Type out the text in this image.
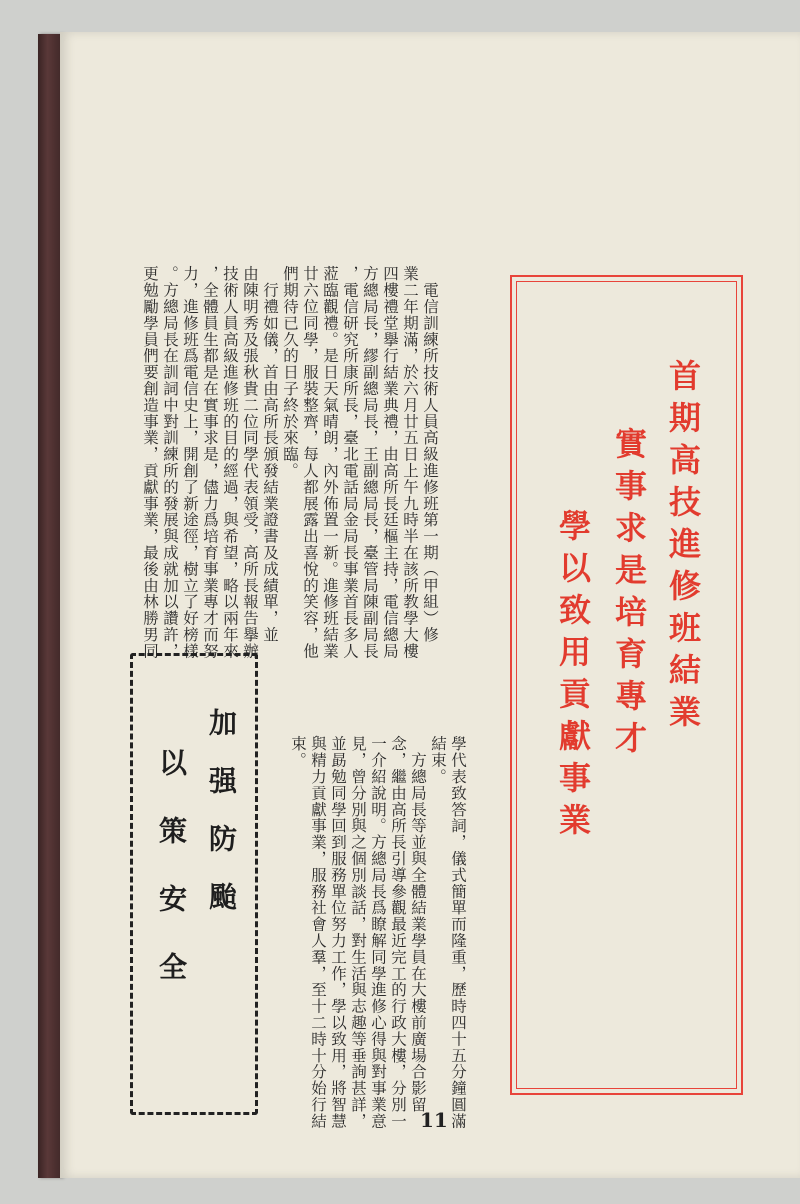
首期高技進修班結業
實事求是培育專才
學以致用貢獻事業

　電信訓練所技術人員高級進修班第一期（甲組）修
業二年期滿，於六月廿五日上午九時半在該所教學大樓
四樓禮堂擧行結業典禮，由高所長廷樞主持，電信總局
方總局長，繆副總局長，王副總局長，臺管局陳副局長
，電信研究所康所長，臺北電話局金局長事業首長多人
蒞臨觀禮。是日天氣晴朗，內外佈置一新。進修班結業
廿六位同學，服裝整齊，每人都展露出喜悅的笑容，他
們期待已久的日子終於來臨。
　行禮如儀，首由高所長頒發結業證書及成績單，並
由陳明秀及張秋貴二位同學代表領受，高所長報告擧辦
技術人員高級進修班的目的經過，與希望，略以兩年來
，全體員生都是在實事求是，儘力爲培育事業專才而努
力，進修班爲電信史上，開創了新途徑，樹立了好榜樣
。方總局長在訓詞中對訓練所的發展與成就加以讚許，
更勉勵學員們要創造事業，貢獻事業，最後由林勝男同

學代表致答詞，儀式簡單而隆重，歷時四十五分鐘圓滿
結束。
　方總局長等並與全體結業學員在大樓前廣場合影留
念，繼由高所長引導參觀最近完工的行政大樓，分別一
一介紹說明。方總局長爲瞭解同學進修心得與對事業意
見，曾分別與之個別談話，對生活與志趣等垂詢甚詳，
並勗勉同學回到服務單位努力工作，學以致用，將智慧
與精力貢獻事業，服務社會人羣，至十二時十分始行結
束。

加强防颱
以策安全
11
